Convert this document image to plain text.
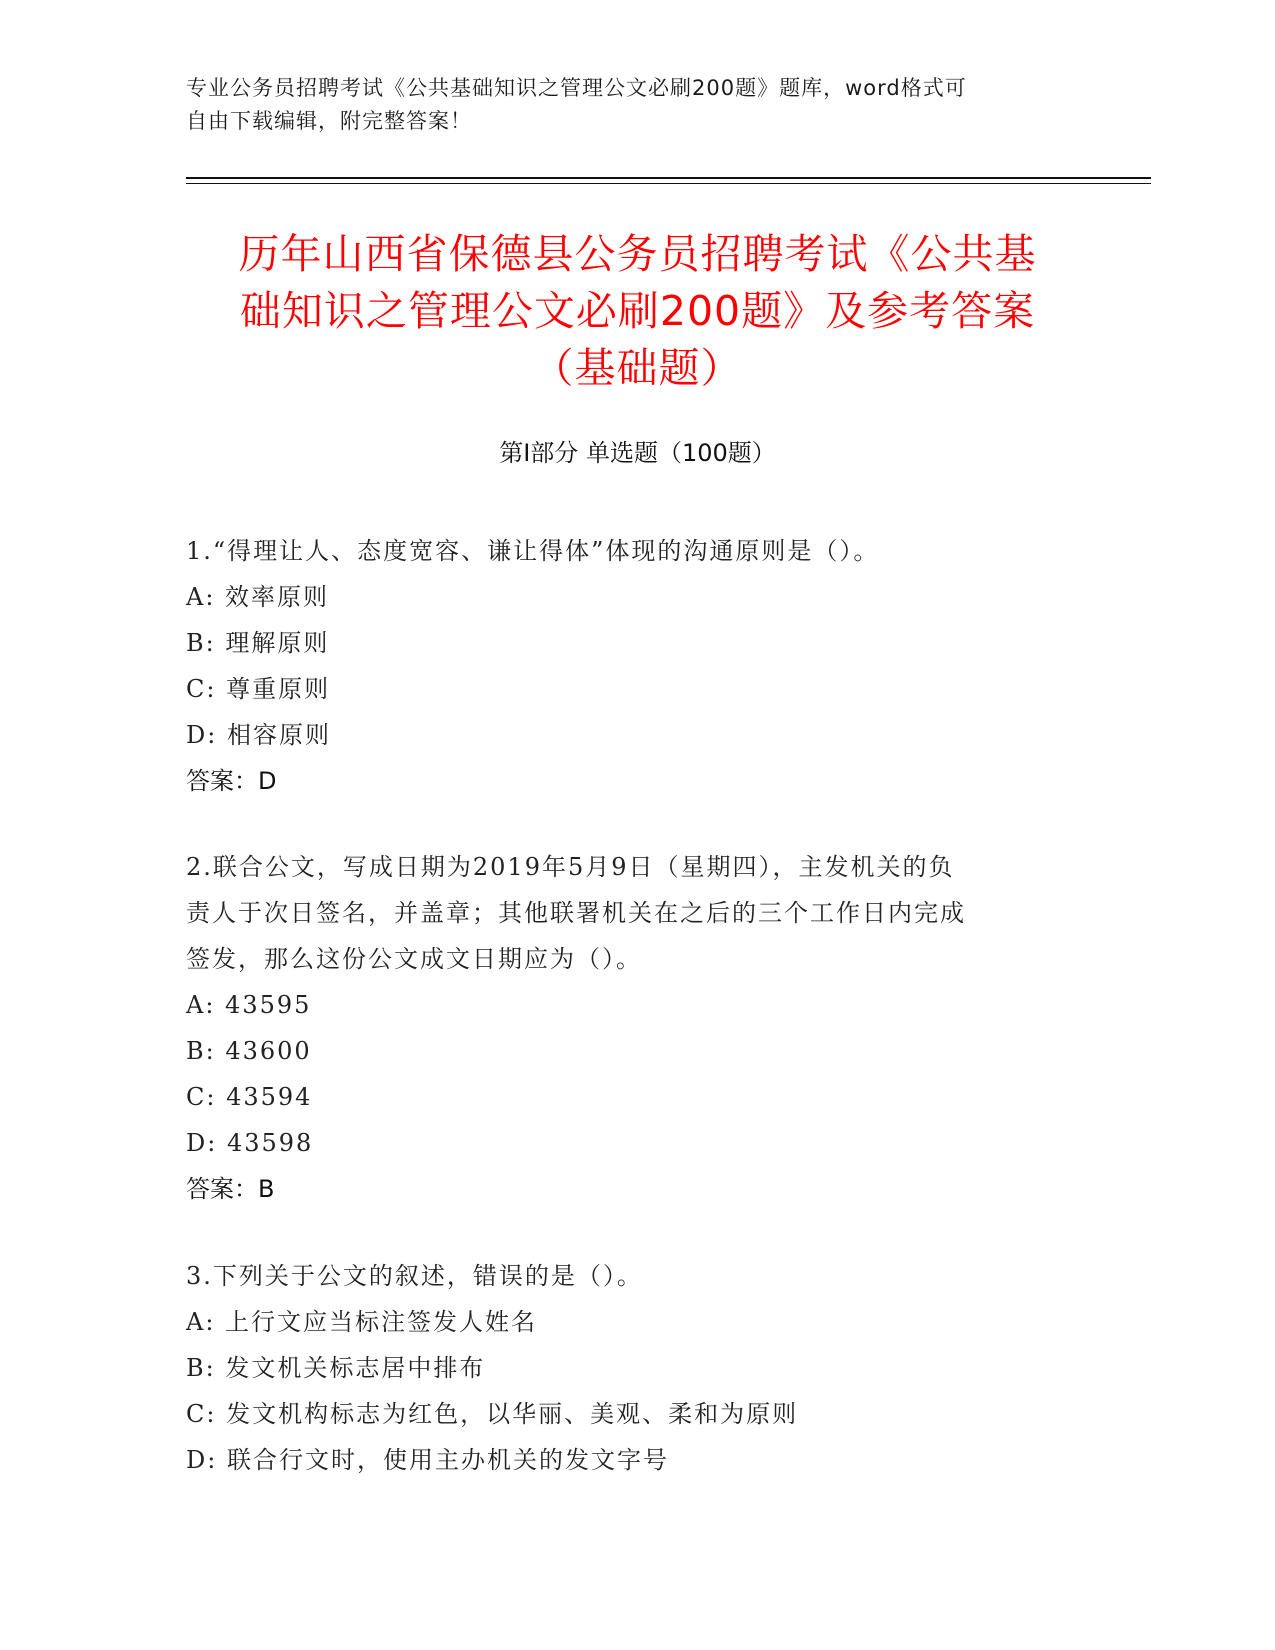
专业公务员招聘考试《公共基础知识之管理公文必刷200题》题库，word格式可
自由下载编辑，附完整答案！
历年山西省保德县公务员招聘考试《公共基
础知识之管理公文必刷200题》及参考答案
（基础题）
第Ⅰ部分 单选题（100题）
1.“得理让人、态度宽容、谦让得体”体现的沟通原则是（）。
A: 效率原则
B: 理解原则
C: 尊重原则
D: 相容原则
答案：D
2.联合公文，写成日期为2019年5月9日（星期四），主发机关的负
责人于次日签名，并盖章；其他联署机关在之后的三个工作日内完成
签发，那么这份公文成文日期应为（）。
A: 43595
B: 43600
C: 43594
D: 43598
答案：B
3.下列关于公文的叙述，错误的是（）。
A: 上行文应当标注签发人姓名
B: 发文机关标志居中排布
C: 发文机构标志为红色，以华丽、美观、柔和为原则
D: 联合行文时，使用主办机关的发文字号
